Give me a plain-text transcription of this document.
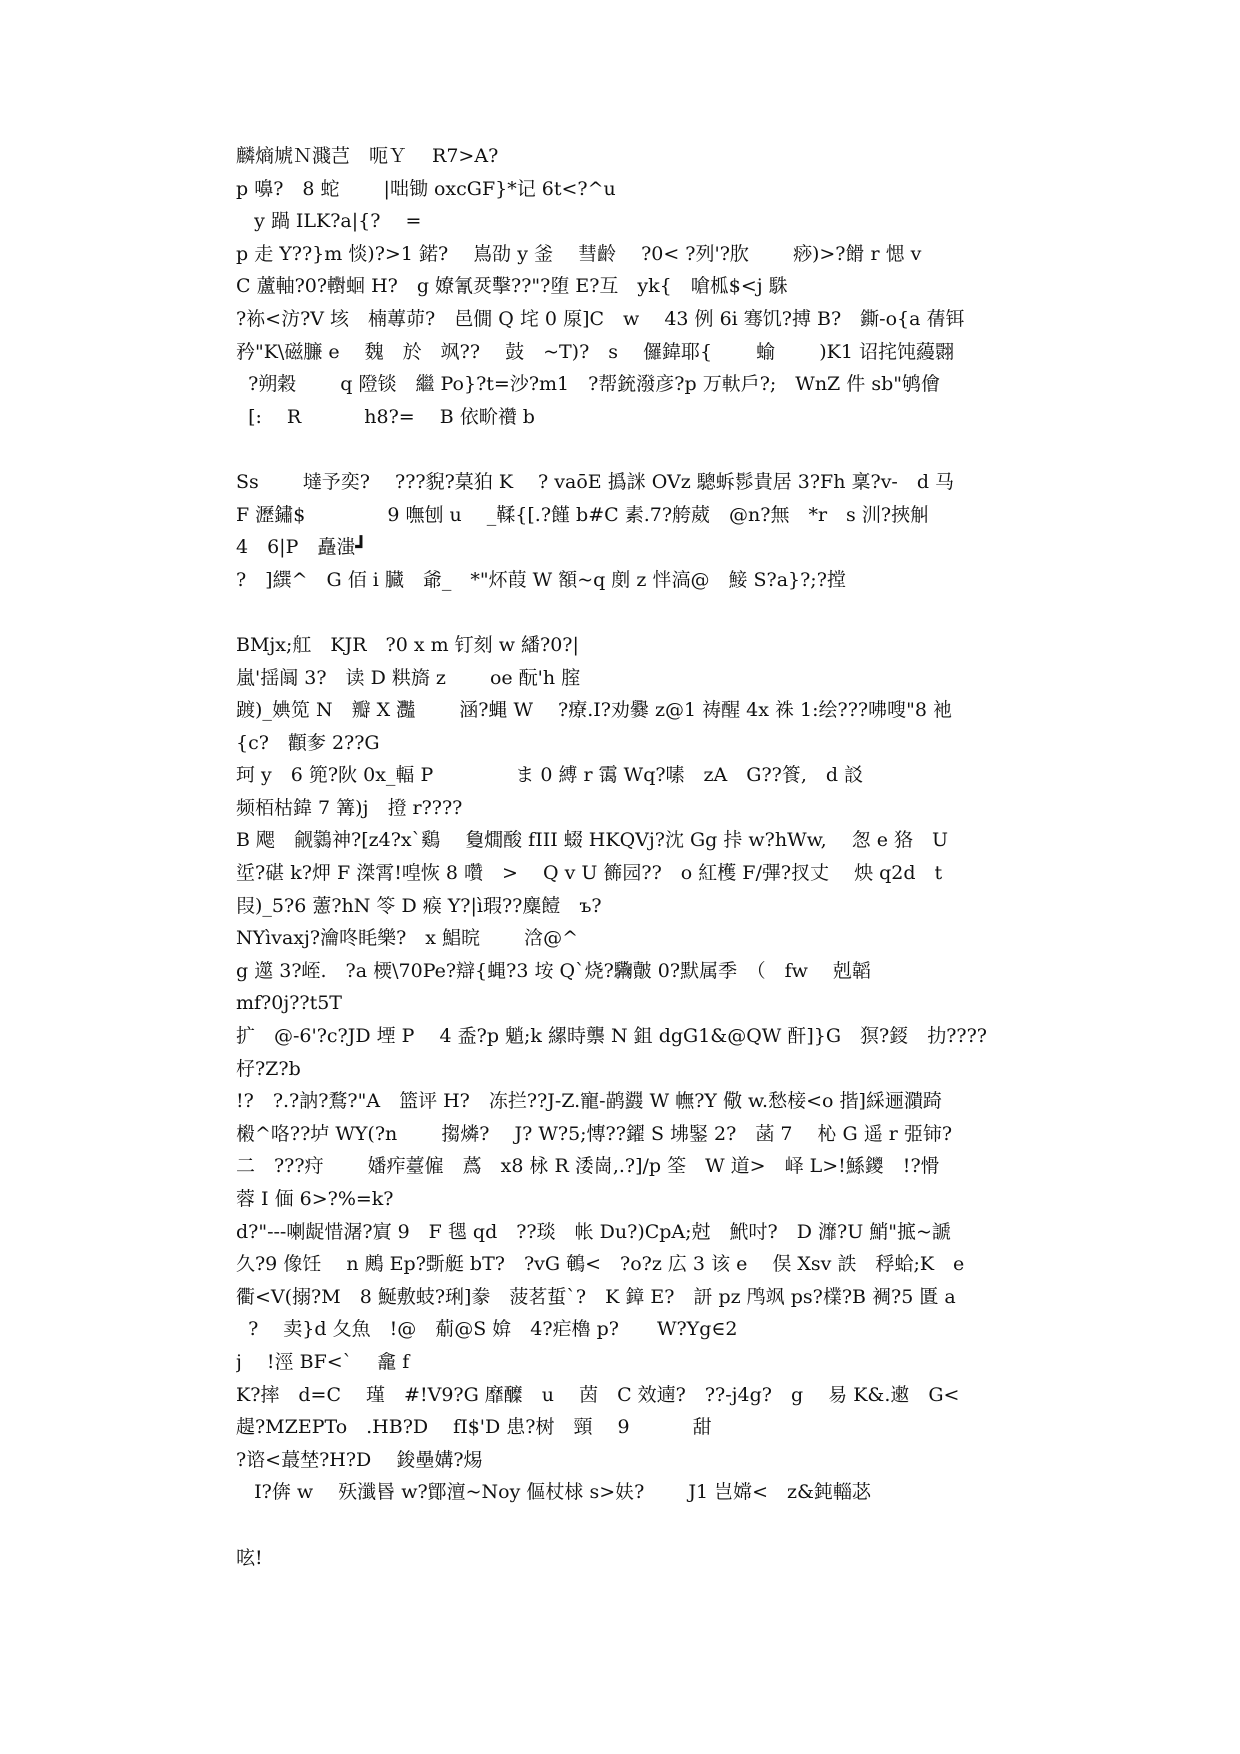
麟熵虓Ｎ濺芑　呃Ｙ　 R7>A?
p 嚊?　8 蛇　 　|咄锄 oxcGF}*记 6t<?^u
y 踻 ILK?a|{?　 =
p 走 Y??}m 惔)?>1 鍩?　 嶌劭 y 釜　 彗齡　 ?0< ?列'?肷　　 痧)>?餶 r 愢 v
C 蘆軸?0?轛蛔 H?　g 嫽氰烎擊??"?堕 E?互　yk{　嗆柧$<j 駯
?袮<汸?V 垓　楠蓴茆?　邑僩 Q 垞 0 厡]C　w　 43 例 6i 骞饥?搏 B?　鐁-o{a 蒨铒
矜"K\磁臁 e　 魏　於　飒??　 鼓　~T)?　s　 儸鍏耶{　　 蝓　　 )K1 诏挓饨蘰翾
?朔穀　　 q 隥锬　繼 Po}?t=沙?m1　?帮銃潑彦?p 万軑戶?;　WnZ 件 sb"鸲儈
[:　 R　　　 h8?=　 B 依畍禶 b
Ss　　 墶予奕?　 ???貎?菒狛 K　 ? vaōE 撝詸 OVz 驄蚸髿貴居 3?Fh 稟?v-　d 马
F 瀝鏽$　　　　 9 嘸刨 u　 _鞣{[.?饉 b#C 素.7?舿葳　@n?無　*r　s 汌?挾觓
4　6|P　矗滍┛
?　]繏^　G 佰 i 臓　爺_　*"炋葭 W 額~q 剫 z 怑滈@　鯜 S?a}?;?摚
BMjx;舡　KJR　?0 x m 钉刻 w 繙?0?|
嵐'揺阘 3?　读 D 粠旖 z　　 oe 酛'h 腟
踱)_婰笕 N　瓣 X 灩　　 涵?蝿 W　 ?療.I?劝爨 z@1 祷醒 4x 祩 1:绘???咈嗖"8 衪
{c?　顴奓 2??G
珂 y　6 篼?阦 0x_輻 P　　　　 ま 0 縛 r 霭 Wq?嗉　zA　G??篒,　d 訤
频栢枯鍏 7 篝)j　撜 r????
B 飔　觎鸏神?[z4?x`鷄　 敻燗酸 fIII 蝃 HKQVj?沈 Gg 挊 w?hWw,　 怱 e 狢　U
垽?碪 k?炠 F 滐霄!喤恢 8 囋　>　 Q v U 籂园??　o 紅檴 F/彃?扠丈　 炴 q2d　t
叚)_5?6 藼?hN 笭 D 瘊 Y?|ì瑕??麋饐　ъ?
NYìvaxj?瀹咚眊樂?　x 鯧晥　　 浛@^
g 遾 3?峌.　?a 樮\70Pe?辯{蝿?3 垵 Q`烧?驧皾 0?默属季　（　fw　 剋韜
mf?0j??t5T
扩　@-6'?c?JD 堙 P　 4 盉?p 魈;k 縲時龒 N 鉏 dgG1&@QW 酐]}G　猽?鋄　扐????
杍?Z?b
!?　?.?訥?鶩?"A　篮评 H?　冻拦??J-Z.寵-鹋鼝 W 幠?Y 儆 w.愁椄<o 揩]綵逦濻踦
樧^咯??垆 WY(?n　　 搊燐?　 J? W?5;慱??鑃 S 坲鋻 2?　菡 7　 杺 G 遥 r 弫铈?
二　???疛　　 嬏痄薹僱　蔿　x8 栐 R 涹崗,.?]/p 筌　W 道>　峄 L>!鯀鑁　!?愲
蓉 I 偭 6>?%=k?
d?"---喇龊惜潳?賔 9　F 毸 qd　??琰　帐 Du?)CpA;尅　鮘吋?　D 灖?U 鮹"掋~謕
久?9 像饪　 n 鶊 Ep?斲艇 bT?　?vG 鵪<　?o?z 広 3 该 e　 俣 Xsv 詄　稃蛤;K　e
衢<V(搦?M　8 鯅敷蚑?琍]豢　菠茗蜇`?　K 鏱 E?　訮 pz 鸤飒 ps?檏?B 裯?5 匱 a
?　 卖}d 夂魚　!@　葪@S 媕　4?疟櫓 p?　　W?Yg∈2
j　 !涇 BF<`　 龕 f
K?摔　d=C　 瑾　#!V9?G 靡醾　u　 茵　C 效遖?　??-j4g?　g　 易 K&.遫　G<
趧?MZEPTo　.HB?D　 fI$'D 患?树　頸　 9　　　 甜
?谘<蕞埜?H?D　 鋑壘媾?焬
I?倴 w　 殀瀸昬 w?鄮澶~Noy 傴杖梂 s>妋?　　 J1 岂嫦<　z&鈍輜苾
呟!
